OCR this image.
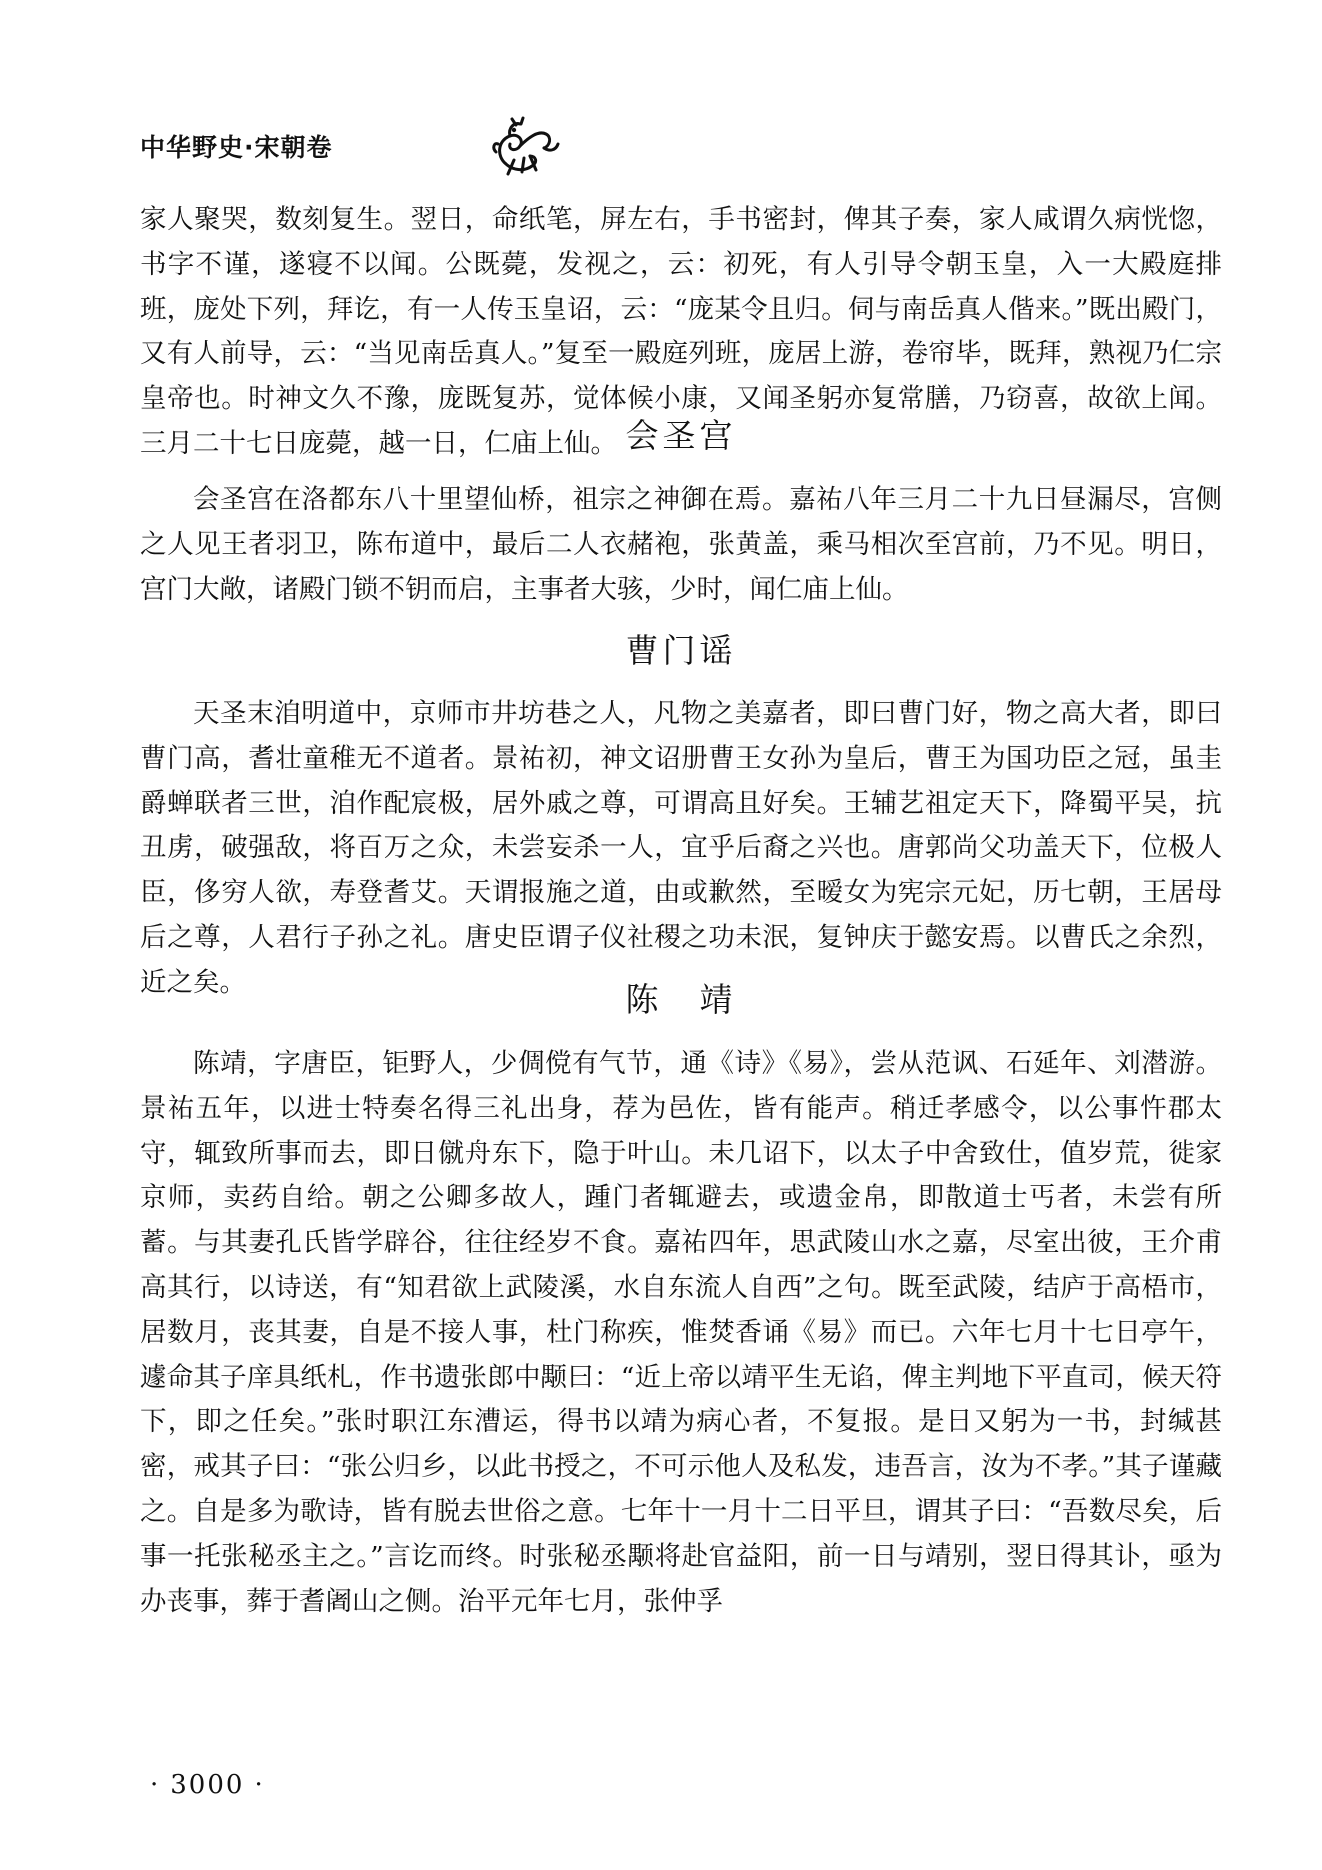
中华野史·宋朝卷

家人聚哭，数刻复生。翌日，命纸笔，屏左右，手书密封，俾其子奏，家人咸谓久病恍惚，书字不谨，遂寝不以闻。公既薨，发视之，云：初死，有人引导令朝玉皇，入一大殿庭排班，庞处下列，拜讫，有一人传玉皇诏，云：“庞某令且归。伺与南岳真人偕来。”既出殿门，又有人前导，云：“当见南岳真人。”复至一殿庭列班，庞居上游，卷帘毕，既拜，熟视乃仁宗皇帝也。时神文久不豫，庞既复苏，觉体候小康，又闻圣躬亦复常膳，乃窃喜，故欲上闻。三月二十七日庞薨，越一日，仁庙上仙。 会圣宫

会圣宫在洛都东八十里望仙桥，祖宗之神御在焉。嘉祐八年三月二十九日昼漏尽，宫侧之人见王者羽卫，陈布道中，最后二人衣赭袍，张黄盖，乘马相次至宫前，乃不见。明日，宫门大敞，诸殿门锁不钥而启，主事者大骇，少时，闻仁庙上仙。

曹门谣

天圣末洎明道中，京师市井坊巷之人，凡物之美嘉者，即曰曹门好，物之高大者，即曰曹门高，耆壮童稚无不道者。景祐初，神文诏册曹王女孙为皇后，曹王为国功臣之冠，虽圭爵蝉联者三世，洎作配宸极，居外戚之尊，可谓高且好矣。王辅艺祖定天下，降蜀平吴，抗丑虏，破强敌，将百万之众，未尝妄杀一人，宜乎后裔之兴也。唐郭尚父功盖天下，位极人臣，侈穷人欲，寿登耆艾。天谓报施之道，由或歉然，至暧女为宪宗元妃，历七朝，王居母后之尊，人君行子孙之礼。唐史臣谓子仪社稷之功未泯，复钟庆于懿安焉。以曹氏之余烈，近之矣。	陈　靖

陈靖，字唐臣，钜野人，少倜傥有气节，通《诗》《易》，尝从范讽、石延年、刘潜游。景祐五年，以进士特奏名得三礼出身，荐为邑佐，皆有能声。稍迁孝感令，以公事忤郡太守，辄致所事而去，即日僦舟东下，隐于叶山。未几诏下，以太子中舍致仕，值岁荒，徙家京师，卖药自给。朝之公卿多故人，踵门者辄避去，或遗金帛，即散道士丐者，未尝有所蓄。与其妻孔氏皆学辟谷，往往经岁不食。嘉祐四年，思武陵山水之嘉，尽室出彼，王介甫高其行，以诗送，有“知君欲上武陵溪，水自东流人自西”之句。既至武陵，结庐于高梧市，居数月，丧其妻，自是不接人事，杜门称疾，惟焚香诵《易》而已。六年七月十七日亭午，遽命其子庠具纸札，作书遗张郎中颙曰：“近上帝以靖平生无谄，俾主判地下平直司，候天符下，即之任矣。”张时职江东漕运，得书以靖为病心者，不复报。是日又躬为一书，封缄甚密，戒其子曰：“张公归乡，以此书授之，不可示他人及私发，违吾言，汝为不孝。”其子谨藏之。自是多为歌诗，皆有脱去世俗之意。七年十一月十二日平旦，谓其子曰：“吾数尽矣，后事一托张秘丞主之。”言讫而终。时张秘丞颙将赴官益阳，前一日与靖别，翌日得其讣，亟为办丧事，葬于耆阇山之侧。治平元年七月，张仲孚

· 3000 ·
